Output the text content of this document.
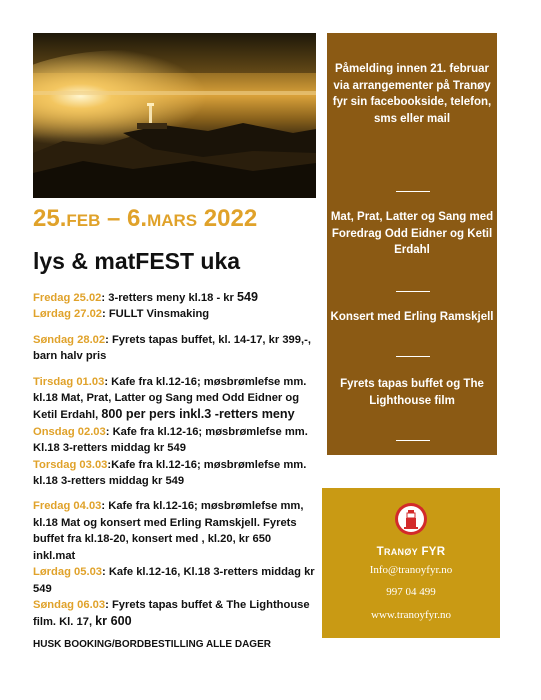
25.FEB – 6.MARS 2022
lys & matFEST uka

Fredag 25.02: 3-retters meny kl.18 - kr 549

Lørdag 27.02: FULLT Vinsmaking

Søndag 28.02: Fyrets tapas buffet, kl. 14-17, kr 399,-, barn halv pris

Tirsdag 01.03: Kafe fra kl.12-16; møsbrømlefse mm. kl.18 Mat, Prat, Latter og Sang med Odd Eidner og Ketil Erdahl, 800 per pers inkl.3 -retters meny

Onsdag 02.03: Kafe fra kl.12-16; møsbrømlefse mm. Kl.18 3-retters middag kr 549

Torsdag 03.03:Kafe fra kl.12-16; møsbrømlefse mm. kl.18 3-retters middag kr 549

Fredag 04.03: Kafe fra kl.12-16; møsbrømlefse mm, kl.18 Mat og konsert med Erling Ramskjell. Fyrets buffet fra kl.18-20, konsert med , kl.20, kr 650 inkl.mat

Lørdag 05.03: Kafe kl.12-16, Kl.18 3-retters middag kr 549

Søndag 06.03: Fyrets tapas buffet & The Lighthouse film. Kl. 17, kr 600

HUSK BOOKING/BORDBESTILLING ALLE DAGER

Påmelding innen 21. februar via arrangementer på Tranøy fyr sin facebookside, telefon, sms eller mail
Mat, Prat, Latter og Sang med Foredrag Odd Eidner og Ketil Erdahl
Konsert med Erling Ramskjell
Fyrets tapas buffet og The Lighthouse film
TRANØY FYR
Info@tranoyfyr.no
997 04 499
www.tranoyfyr.no
